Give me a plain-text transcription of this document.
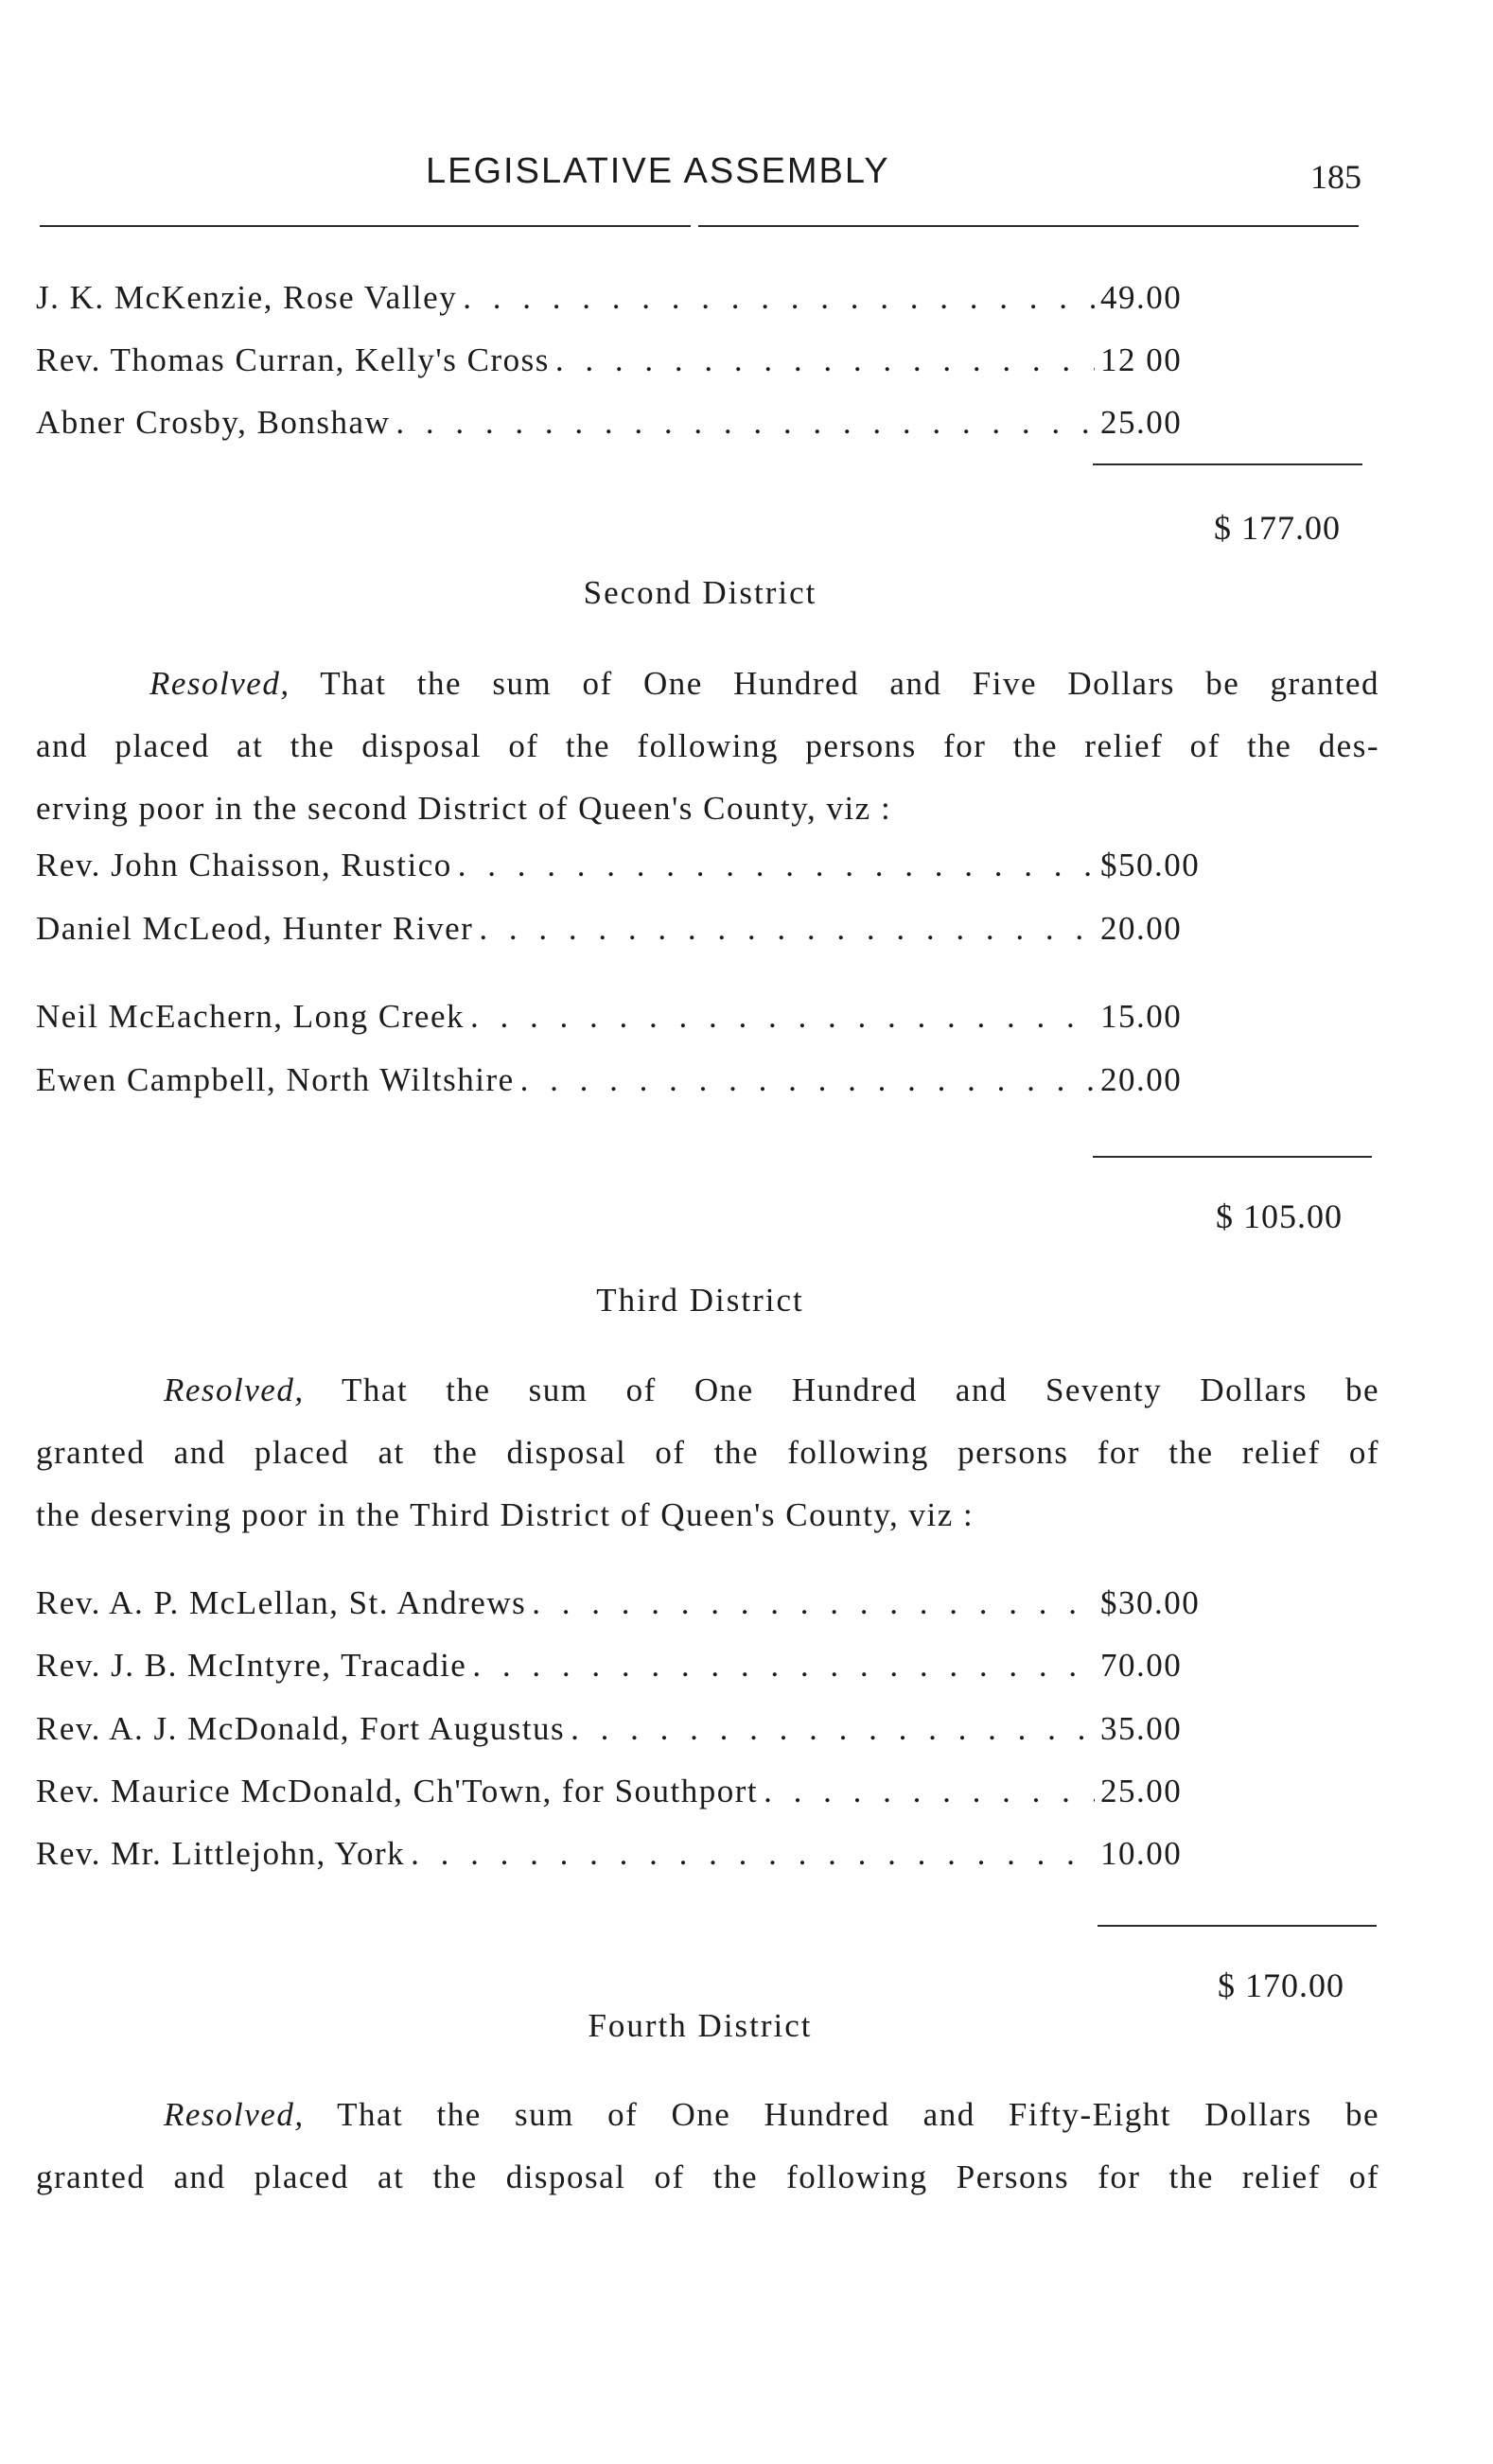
LEGISLATIVE ASSEMBLY	185
J. K. McKenzie, Rose Valley . . .	49.00
Rev. Thomas Curran, Kelly's Cross . . .	12 00
Abner Crosby, Bonshaw . . .	25.00
$ 177.00
Second District
Resolved, That the sum of One Hundred and Five Dollars be granted
and placed at the disposal of the following persons for the relief of the des-
erving poor in the second District of Queen's County, viz :
Rev. John Chaisson, Rustico . . .	$50.00
Daniel McLeod, Hunter River . . .	20.00
Neil McEachern, Long Creek . . .	15.00
Ewen Campbell, North Wiltshire . . .	20.00
$ 105.00
Third District
Resolved, That the sum of One Hundred and Seventy Dollars be
granted and placed at the disposal of the following persons for the relief of
the deserving poor in the Third District of Queen's County, viz :
Rev. A. P. McLellan, St. Andrews . . .	$30.00
Rev. J. B. McIntyre, Tracadie . . .	70.00
Rev. A. J. McDonald, Fort Augustus . . .	35.00
Rev. Maurice McDonald, Ch'Town, for Southport . . .	25.00
Rev. Mr. Littlejohn, York . . .	10.00
$ 170.00
Fourth District
Resolved, That the sum of One Hundred and Fifty-Eight Dollars be
granted and placed at the disposal of the following Persons for the relief of
